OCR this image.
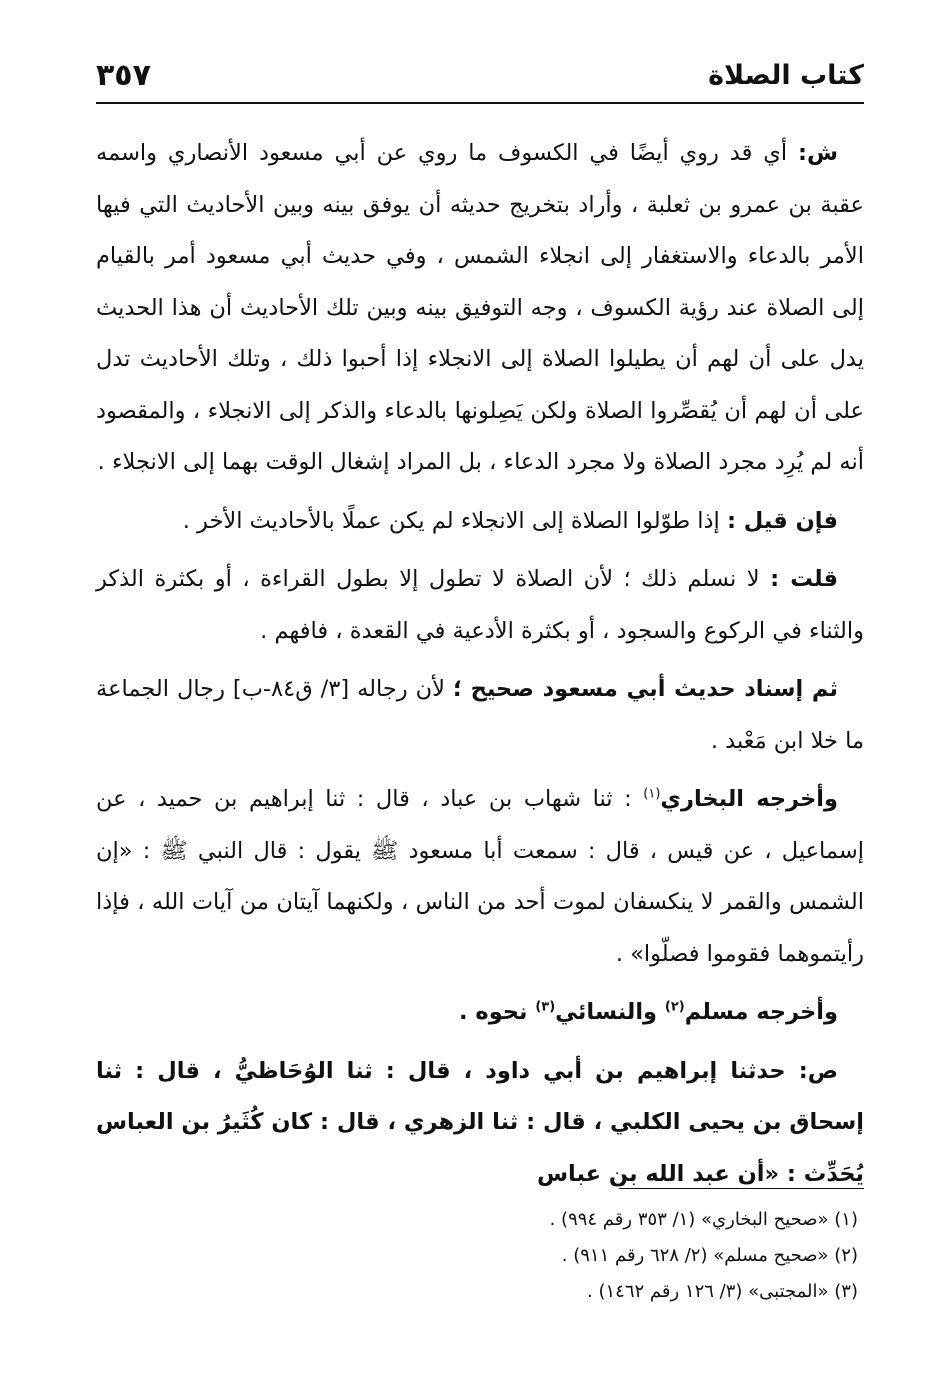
كتاب الصلاة
٣٥٧

ش: أي قد روي أيضًا في الكسوف ما روي عن أبي مسعود الأنصاري واسمه عقبة بن عمرو بن ثعلبة ، وأراد بتخريج حديثه أن يوفق بينه وبين الأحاديث التي فيها الأمر بالدعاء والاستغفار إلى انجلاء الشمس ، وفي حديث أبي مسعود أمر بالقيام إلى الصلاة عند رؤية الكسوف ، وجه التوفيق بينه وبين تلك الأحاديث أن هذا الحديث يدل على أن لهم أن يطيلوا الصلاة إلى الانجلاء إذا أحبوا ذلك ، وتلك الأحاديث تدل على أن لهم أن يُقصِّروا الصلاة ولكن يَصِلونها بالدعاء والذكر إلى الانجلاء ، والمقصود أنه لم يُرِد مجرد الصلاة ولا مجرد الدعاء ، بل المراد إشغال الوقت بهما إلى الانجلاء .

فإن قيل : إذا طوّلوا الصلاة إلى الانجلاء لم يكن عملًا بالأحاديث الأخر .

قلت : لا نسلم ذلك ؛ لأن الصلاة لا تطول إلا بطول القراءة ، أو بكثرة الذكر والثناء في الركوع والسجود ، أو بكثرة الأدعية في القعدة ، فافهم .

ثم إسناد حديث أبي مسعود صحيح ؛ لأن رجاله [٣/ ق٨٤-ب] رجال الجماعة ما خلا ابن مَعْبد .

وأخرجه البخاري$^{(١)}$ : ثنا شهاب بن عباد ، قال : ثنا إبراهيم بن حميد ، عن إسماعيل ، عن قيس ، قال : سمعت أبا مسعود ﷺ يقول : قال النبي ﷺ : «إن الشمس والقمر لا ينكسفان لموت أحد من الناس ، ولكنهما آيتان من آيات الله ، فإذا رأيتموهما فقوموا فصلّوا» .

وأخرجه مسلم$^{(٢)}$ والنسائي$^{(٣)}$ نحوه .

ص: حدثنا إبراهيم بن أبي داود ، قال : ثنا الوُحَاظيُّ ، قال : ثنا إسحاق بن يحيى الكلبي ، قال : ثنا الزهري ، قال : كان كُثَيرُ بن العباس يُحَدِّث : «أن عبد الله بن عباس

(١) «صحيح البخاري» (١/ ٣٥٣ رقم ٩٩٤) .
(٢) «صحيح مسلم» (٢/ ٦٢٨ رقم ٩١١) .
(٣) «المجتبى» (٣/ ١٢٦ رقم ١٤٦٢) .
